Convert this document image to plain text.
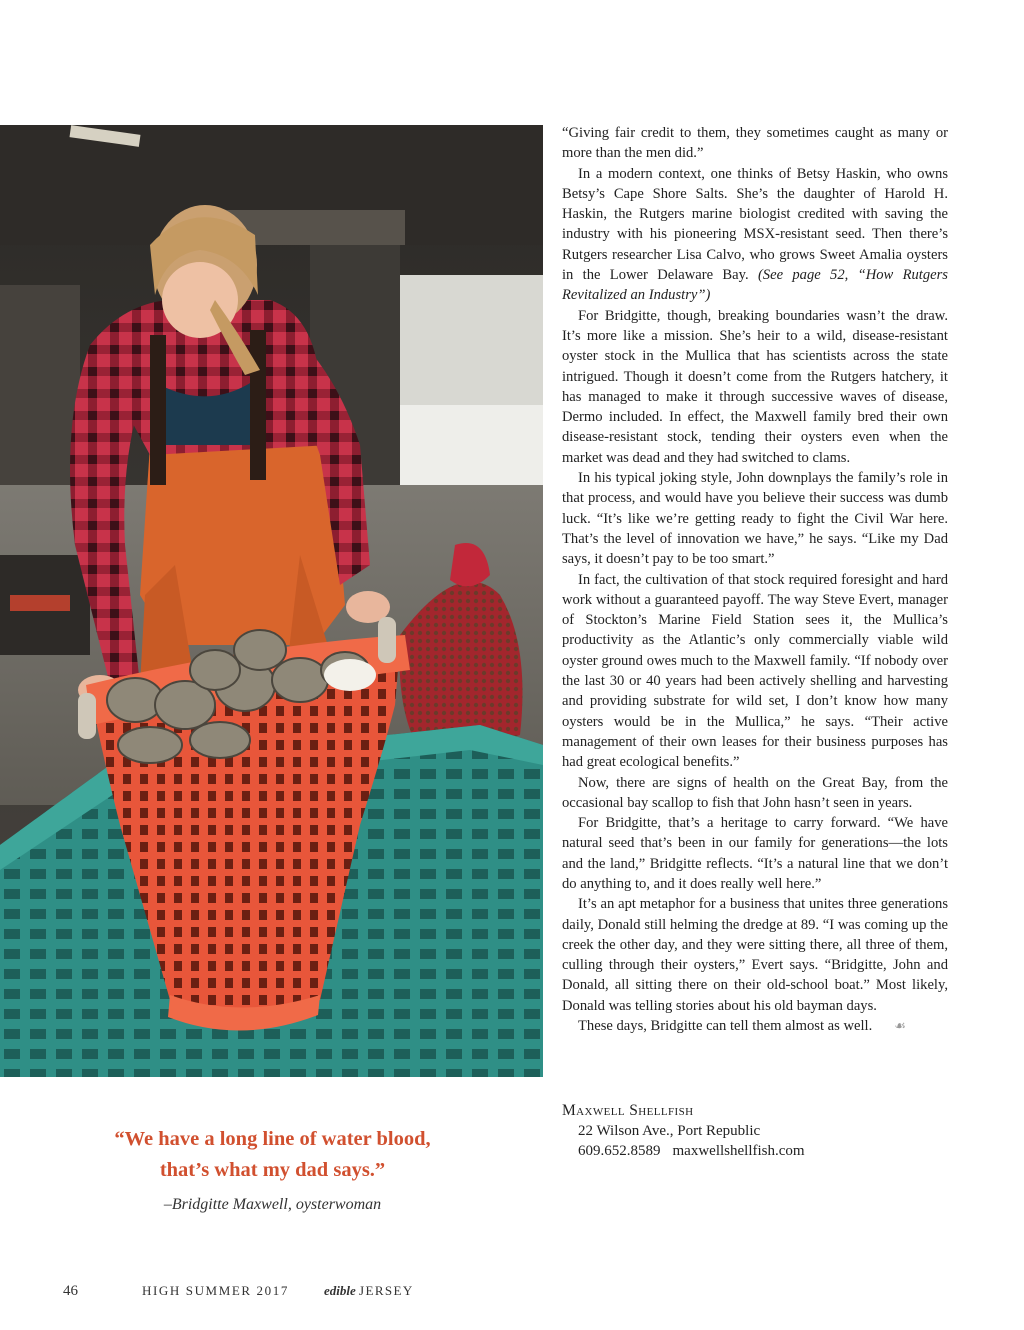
“Giving fair credit to them, they sometimes caught as many or more than the men did.”

In a modern context, one thinks of Betsy Haskin, who owns Betsy’s Cape Shore Salts. She’s the daughter of Harold H. Haskin, the Rutgers marine biologist credited with saving the industry with his pioneering MSX-resistant seed. Then there’s Rutgers researcher Lisa Calvo, who grows Sweet Amalia oysters in the Lower Delaware Bay. (See page 52, “How Rutgers Revitalized an Industry”)

For Bridgitte, though, breaking boundaries wasn’t the draw. It’s more like a mission. She’s heir to a wild, disease-resistant oyster stock in the Mullica that has scientists across the state intrigued. Though it doesn’t come from the Rutgers hatchery, it has managed to make it through successive waves of disease, Dermo included. In effect, the Maxwell family bred their own disease-resistant stock, tending their oysters even when the market was dead and they had switched to clams.

In his typical joking style, John downplays the family’s role in that process, and would have you believe their success was dumb luck. “It’s like we’re getting ready to fight the Civil War here. That’s the level of innovation we have,” he says. “Like my Dad says, it doesn’t pay to be too smart.”

In fact, the cultivation of that stock required foresight and hard work without a guaranteed payoff. The way Steve Evert, manager of Stockton’s Marine Field Station sees it, the Mullica’s productivity as the Atlantic’s only commercially viable wild oyster ground owes much to the Maxwell family. “If nobody over the last 30 or 40 years had been actively shelling and harvesting and providing substrate for wild set, I don’t know how many oysters would be in the Mullica,” he says. “Their active management of their own leases for their business purposes has had great ecological benefits.”

Now, there are signs of health on the Great Bay, from the occasional bay scallop to fish that John hasn’t seen in years.

For Bridgitte, that’s a heritage to carry forward. “We have natural seed that’s been in our family for generations—the lots and the land,” Bridgitte reflects. “It’s a natural line that we don’t do anything to, and it does really well here.”

It’s an apt metaphor for a business that unites three generations daily, Donald still helming the dredge at 89. “I was coming up the creek the other day, and they were sitting there, all three of them, culling through their oysters,” Evert says. “Bridgitte, John and Donald, all sitting there on their old-school boat.” Most likely, Donald was telling stories about his old bayman days.

These days, Bridgitte can tell them almost as well. ☙

Maxwell Shellfish
22 Wilson Ave., Port Republic
609.652.8589 maxwellshellfish.com
“We have a long line of water blood,
that’s what my dad says.”
–Bridgitte Maxwell, oysterwoman
46	HIGH SUMMER 2017	edible JERSEY
